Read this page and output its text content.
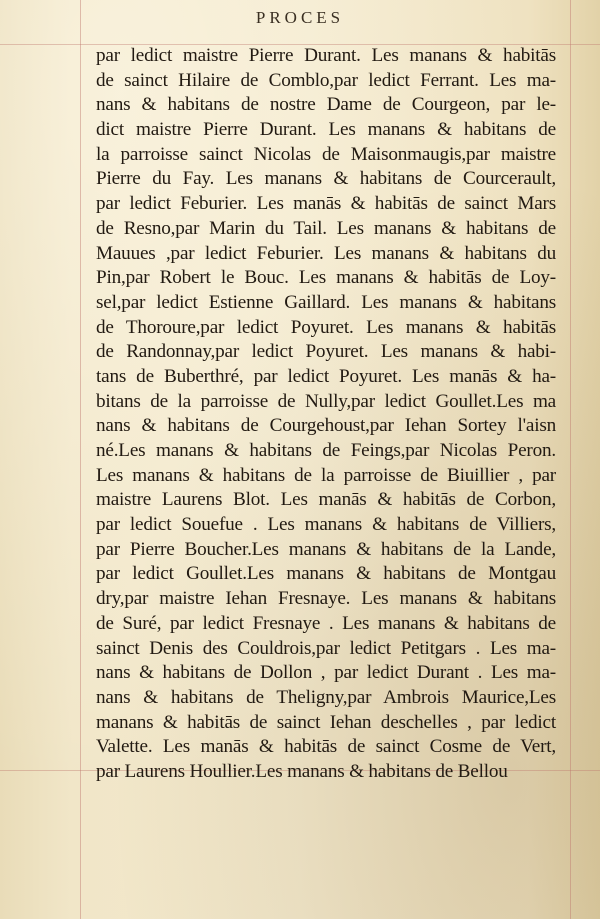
PROCES
par ledict maistre Pierre Durant. Les manans & habitās
de sainct Hilaire de Comblo,par ledict Ferrant. Les ma-
nans & habitans de nostre Dame de Courgeon, par le-
dict maistre Pierre Durant. Les manans & habitans de
la parroisse sainct Nicolas de Maisonmaugis,par maistre
Pierre du Fay. Les manans & habitans de Courcerault,
par ledict Feburier. Les manās & habitās de sainct Mars
de Resno,par Marin du Tail. Les manans & habitans de
Mauues ,par ledict Feburier. Les manans & habitans du
Pin,par Robert le Bouc. Les manans & habitās de Loy-
sel,par ledict Estienne Gaillard. Les manans & habitans
de Thoroure,par ledict Poyuret. Les manans & habitās
de Randonnay,par ledict Poyuret. Les manans & habi-
tans de Buberthré, par ledict Poyuret. Les manās & ha-
bitans de la parroisse de Nully,par ledict Goullet.Les ma
nans & habitans de Courgehoust,par Iehan Sortey l'aisn
né.Les manans & habitans de Feings,par Nicolas Peron.
Les manans & habitans de la parroisse de Biuillier , par
maistre Laurens Blot. Les manās & habitās de Corbon,
par ledict Souefue . Les manans & habitans de Villiers,
par Pierre Boucher.Les manans & habitans de la Lande,
par ledict Goullet.Les manans & habitans de Montgau
dry,par maistre Iehan Fresnaye. Les manans & habitans
de Suré, par ledict Fresnaye . Les manans & habitans de
sainct Denis des Couldrois,par ledict Petitgars . Les ma-
nans & habitans de Dollon , par ledict Durant . Les ma-
nans & habitans de Theligny,par Ambrois Maurice,Les
manans & habitās de sainct Iehan deschelles , par ledict
Valette. Les manās & habitās de sainct Cosme de Vert,
par Laurens Houllier.Les manans & habitans de Bellou
